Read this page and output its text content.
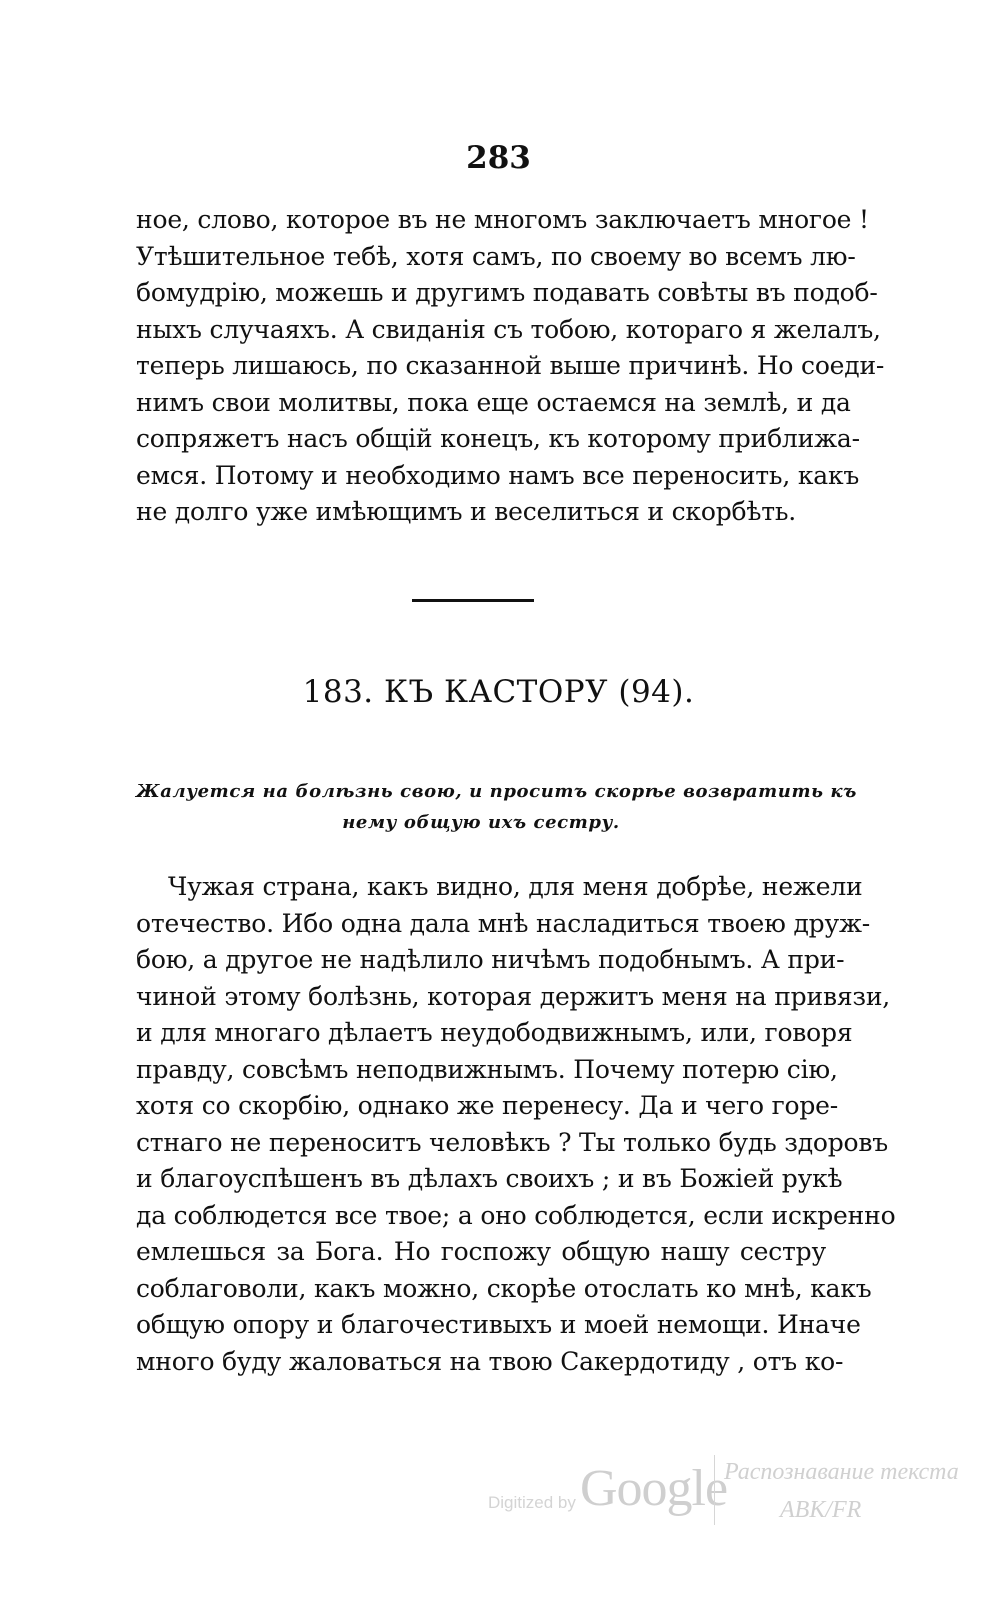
283
ное, слово, которое въ не многомъ заключаетъ многое !
Утѣшительное тебѣ, хотя самъ, по своему во всемъ лю-
бомудрiю, можешь и другимъ подавать совѣты въ подоб-
ныхъ случаяхъ. А свиданiя съ тобою, котораго я желалъ,
теперь лишаюсь, по сказанной выше причинѣ. Но соеди-
нимъ свои молитвы, пока еще остаемся на землѣ, и да
сопряжетъ насъ общiй конецъ, къ которому приближа-
емся. Потому и необходимо намъ все переносить, какъ
не долго уже имѣющимъ и веселиться и скорбѣть.
183. КЪ КАСТОРУ (94).
Жалуется на болѣзнь свою, и проситъ скорѣе возвратить къ
нему общую ихъ сестру.
Чужая страна, какъ видно, для меня добрѣе, нежели
отечество. Ибо одна дала мнѣ насладиться твоею друж-
бою, а другое не надѣлило ничѣмъ подобнымъ. А при-
чиной этому болѣзнь, которая держитъ меня на привязи,
и для многаго дѣлаетъ неудободвижнымъ, или, говоря
правду, совсѣмъ неподвижнымъ. Почему потерю сiю,
хотя со скорбiю, однако же перенесу. Да и чего горе-
стнаго не переноситъ человѣкъ ? Ты только будь здоровъ
и благоуспѣшенъ въ дѣлахъ своихъ ; и въ Божiей рукѣ
да соблюдется все твое; а оно соблюдется, если искренно
емлешься за Бога. Но госпожу общую нашу сестру
соблаговоли, какъ можно, скорѣе отослать ко мнѣ, какъ
общую опору и благочестивыхъ и моей немощи. Иначе
много буду жаловаться на твою Сакердотиду , отъ ко-
Digitized by Google
Распознавание текста
ABK/FR
